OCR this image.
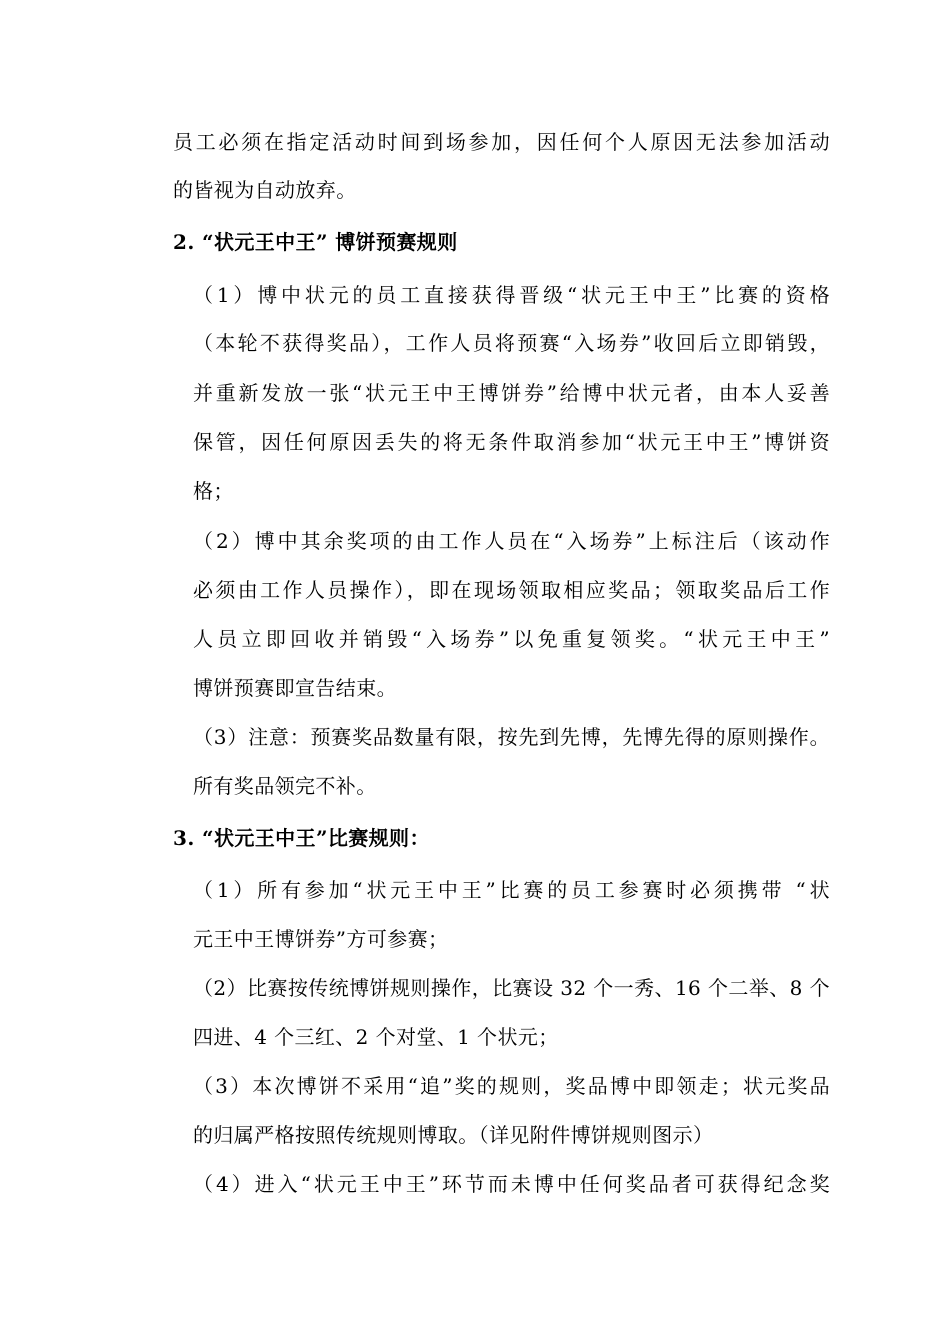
员工必须在指定活动时间到场参加，因任何个人原因无法参加活动
的皆视为自动放弃。
2. “状元王中王” 博饼预赛规则
（1）博中状元的员工直接获得晋级“状元王中王”比赛的资格
（本轮不获得奖品），工作人员将预赛“入场券”收回后立即销毁，
并重新发放一张“状元王中王博饼券”给博中状元者，由本人妥善
保管，因任何原因丢失的将无条件取消参加“状元王中王”博饼资
格；
（2）博中其余奖项的由工作人员在“入场券”上标注后（该动作
必须由工作人员操作），即在现场领取相应奖品；领取奖品后工作
人员立即回收并销毁“入场券”以免重复领奖。“状元王中王”
博饼预赛即宣告结束。
（3）注意：预赛奖品数量有限，按先到先博，先博先得的原则操作。
所有奖品领完不补。
3. “状元王中王”比赛规则：
（1）所有参加“状元王中王”比赛的员工参赛时必须携带 “状
元王中王博饼券”方可参赛；
（2）比赛按传统博饼规则操作，比赛设 32 个一秀、16 个二举、8 个
四进、4 个三红、2 个对堂、1 个状元；
（3）本次博饼不采用“追”奖的规则，奖品博中即领走；状元奖品
的归属严格按照传统规则博取。（详见附件博饼规则图示）
（4）进入“状元王中王”环节而未博中任何奖品者可获得纪念奖
